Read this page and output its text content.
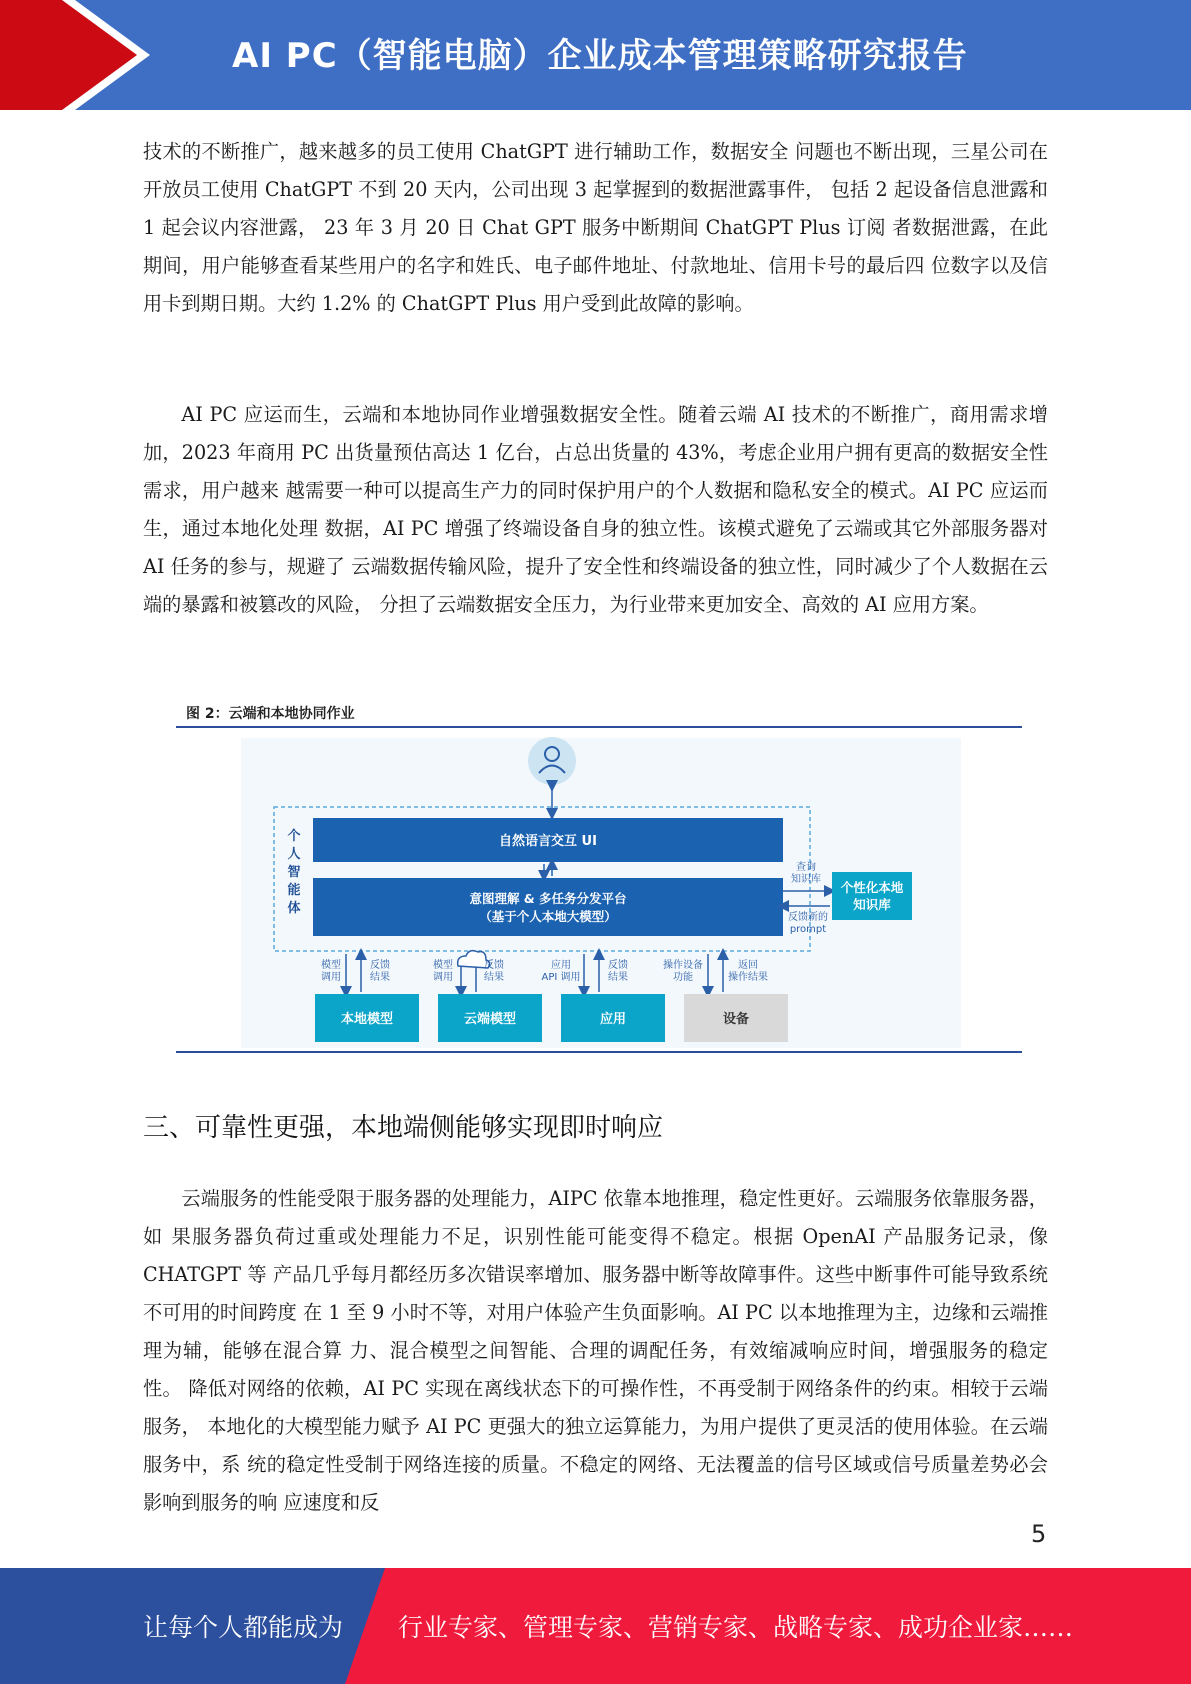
AI PC（智能电脑）企业成本管理策略研究报告

技术的不断推广，越来越多的员工使用 ChatGPT 进行辅助工作，数据安全 问题也不断出现，三星公司在开放员工使用 ChatGPT 不到 20 天内，公司出现 3 起掌握到的数据泄露事件， 包括 2 起设备信息泄露和 1 起会议内容泄露， 23 年 3 月 20 日 Chat GPT 服务中断期间 ChatGPT Plus 订阅 者数据泄露，在此期间，用户能够查看某些用户的名字和姓氏、电子邮件地址、付款地址、信用卡号的最后四 位数字以及信用卡到期日期。大约 1.2% 的 ChatGPT Plus 用户受到此故障的影响。

AI PC 应运而生，云端和本地协同作业增强数据安全性。随着云端 AI 技术的不断推广，商用需求增加，2023 年商用 PC 出货量预估高达 1 亿台，占总出货量的 43%，考虑企业用户拥有更高的数据安全性需求，用户越来 越需要一种可以提高生产力的同时保护用户的个人数据和隐私安全的模式。AI PC 应运而生，通过本地化处理 数据，AI PC 增强了终端设备自身的独立性。该模式避免了云端或其它外部服务器对 AI 任务的参与，规避了 云端数据传输风险，提升了安全性和终端设备的独立性，同时减少了个人数据在云端的暴露和被篡改的风险， 分担了云端数据安全压力，为行业带来更加安全、高效的 AI 应用方案。

图 2：云端和本地协同作业
个
人
智
能
体
自然语言交互 UI
意图理解 & 多任务分发平台
（基于个人本地大模型）
查询
知识库
反馈新的
prompt
个性化本地
知识库
模型
调用
反馈
结果
模型
调用
反馈
结果
应用
API 调用
反馈
结果
操作设备
功能
返回
操作结果
本地模型	云端模型	应用	设备
三、可靠性更强，本地端侧能够实现即时响应

云端服务的性能受限于服务器的处理能力，AIPC 依靠本地推理，稳定性更好。云端服务依靠服务器，如 果服务器负荷过重或处理能力不足，识别性能可能变得不稳定。根据 OpenAI 产品服务记录，像 CHATGPT 等 产品几乎每月都经历多次错误率增加、服务器中断等故障事件。这些中断事件可能导致系统不可用的时间跨度 在 1 至 9 小时不等，对用户体验产生负面影响。AI PC 以本地推理为主，边缘和云端推理为辅，能够在混合算 力、混合模型之间智能、合理的调配任务，有效缩减响应时间，增强服务的稳定性。 降低对网络的依赖，AI PC 实现在离线状态下的可操作性，不再受制于网络条件的约束。相较于云端服务， 本地化的大模型能力赋予 AI PC 更强大的独立运算能力，为用户提供了更灵活的使用体验。在云端服务中，系 统的稳定性受制于网络连接的质量。不稳定的网络、无法覆盖的信号区域或信号质量差势必会影响到服务的响 应速度和反

5
让每个人都能成为 行业专家、管理专家、营销专家、战略专家、成功企业家……
